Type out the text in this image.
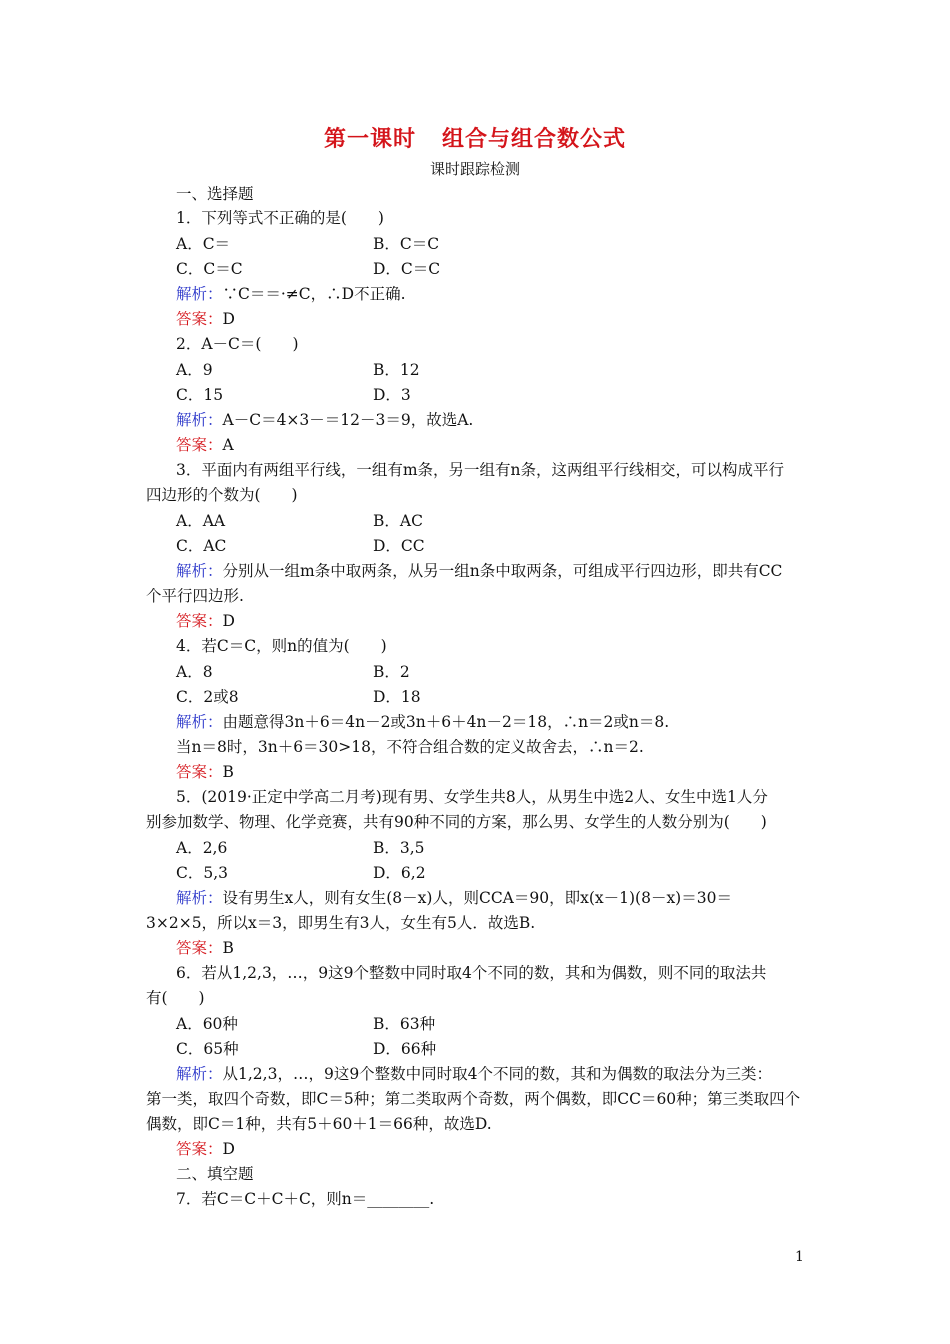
第一课时 组合与组合数公式
课时跟踪检测
一、选择题
1．下列等式不正确的是(　　)
A．C＝	B．C＝C
C．C＝C	D．C＝C
解析：∵C＝＝·≠C，∴D不正确.
答案：D
2．A－C＝(　　)
A．9	B．12
C．15	D．3
解析：A－C＝4×3－＝12－3＝9，故选A.
答案：A
3．平面内有两组平行线，一组有m条，另一组有n条，这两组平行线相交，可以构成平行
四边形的个数为(　　)
A．AA	B．AC
C．AC	D．CC
解析：分别从一组m条中取两条，从另一组n条中取两条，可组成平行四边形，即共有CC
个平行四边形.
答案：D
4．若C＝C，则n的值为(　　)
A．8	B．2
C．2或8	D．18
解析：由题意得3n＋6＝4n－2或3n＋6＋4n－2＝18，∴n＝2或n＝8.
当n＝8时，3n＋6＝30>18，不符合组合数的定义故舍去，∴n＝2.
答案：B
5．(2019·正定中学高二月考)现有男、女学生共8人，从男生中选2人、女生中选1人分
别参加数学、物理、化学竞赛，共有90种不同的方案，那么男、女学生的人数分别为(　　)
A．2,6	B．3,5
C．5,3	D．6,2
解析：设有男生x人，则有女生(8－x)人，则CCA＝90，即x(x－1)(8－x)＝30＝
3×2×5，所以x＝3，即男生有3人，女生有5人．故选B.
答案：B
6．若从1,2,3，…，9这9个整数中同时取4个不同的数，其和为偶数，则不同的取法共
有(　　)
A．60种	B．63种
C．65种	D．66种
解析：从1,2,3，…，9这9个整数中同时取4个不同的数，其和为偶数的取法分为三类：
第一类，取四个奇数，即C＝5种；第二类取两个奇数，两个偶数，即CC＝60种；第三类取四个
偶数，即C＝1种，共有5＋60＋1＝66种，故选D.
答案：D
二、填空题
7．若C＝C＋C＋C，则n＝________.
1
